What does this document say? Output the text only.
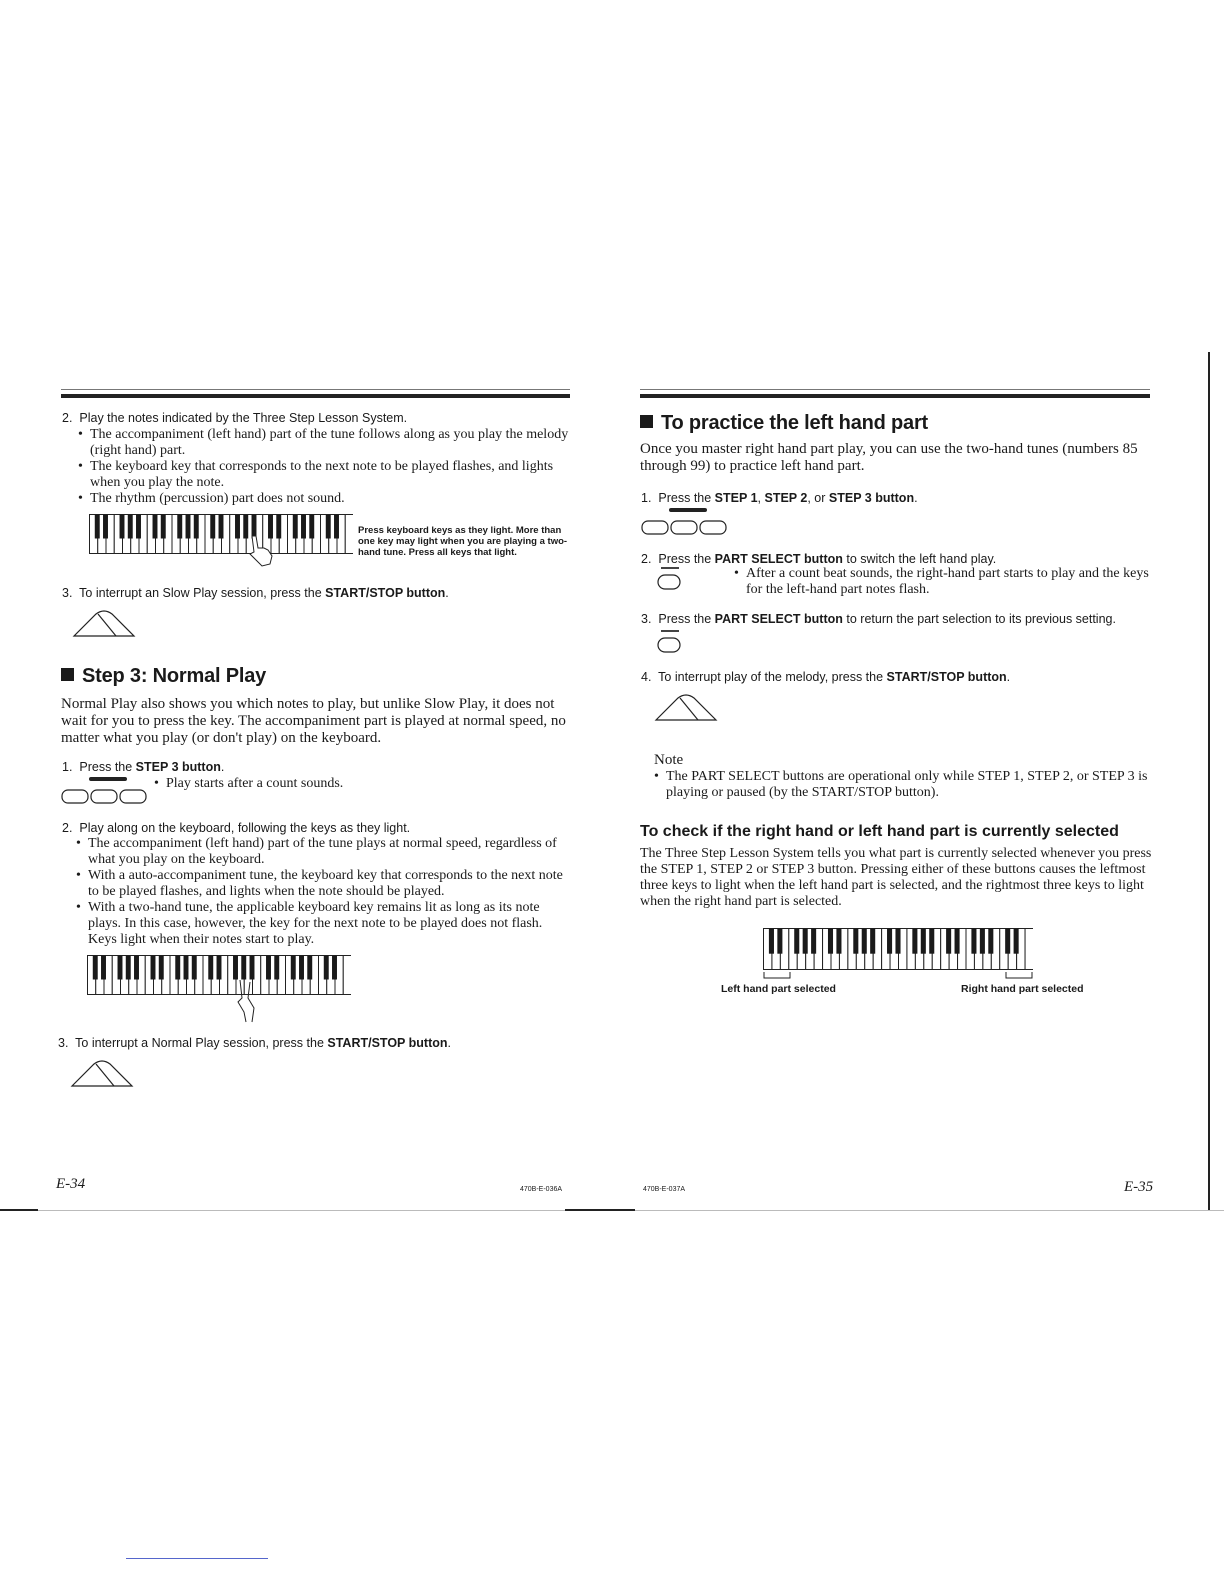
2. Play the notes indicated by the Three Step Lesson System.
• The accompaniment (left hand) part of the tune follows along as you play the melody (right hand) part.
• The keyboard key that corresponds to the next note to be played flashes, and lights when you play the note.
• The rhythm (percussion) part does not sound.
Press keyboard keys as they light. More than one key may light when you are playing a two-hand tune. Press all keys that light.
3. To interrupt an Slow Play session, press the START/STOP button.
Step 3: Normal Play
Normal Play also shows you which notes to play, but unlike Slow Play, it does not wait for you to press the key. The accompaniment part is played at normal speed, no matter what you play (or don't play) on the keyboard.
1. Press the STEP 3 button.
• Play starts after a count sounds.
2. Play along on the keyboard, following the keys as they light.
• The accompaniment (left hand) part of the tune plays at normal speed, regardless of what you play on the keyboard.
• With a auto-accompaniment tune, the keyboard key that corresponds to the next note to be played flashes, and lights when the note should be played.
• With a two-hand tune, the applicable keyboard key remains lit as long as its note plays. In this case, however, the key for the next note to be played does not flash. Keys light when their notes start to play.
3. To interrupt a Normal Play session, press the START/STOP button.
E-34	470B-E-036A
To practice the left hand part
Once you master right hand part play, you can use the two-hand tunes (numbers 85 through 99) to practice left hand part.
1. Press the STEP 1, STEP 2, or STEP 3 button.
2. Press the PART SELECT button to switch the left hand play.
• After a count beat sounds, the right-hand part starts to play and the keys for the left-hand part notes flash.
3. Press the PART SELECT button to return the part selection to its previous setting.
4. To interrupt play of the melody, press the START/STOP button.
Note
• The PART SELECT buttons are operational only while STEP 1, STEP 2, or STEP 3 is playing or paused (by the START/STOP button).
To check if the right hand or left hand part is currently selected
The Three Step Lesson System tells you what part is currently selected whenever you press the STEP 1, STEP 2 or STEP 3 button. Pressing either of these buttons causes the leftmost three keys to light when the left hand part is selected, and the rightmost three keys to light when the right hand part is selected.
Left hand part selected	Right hand part selected
470B-E-037A	E-35
